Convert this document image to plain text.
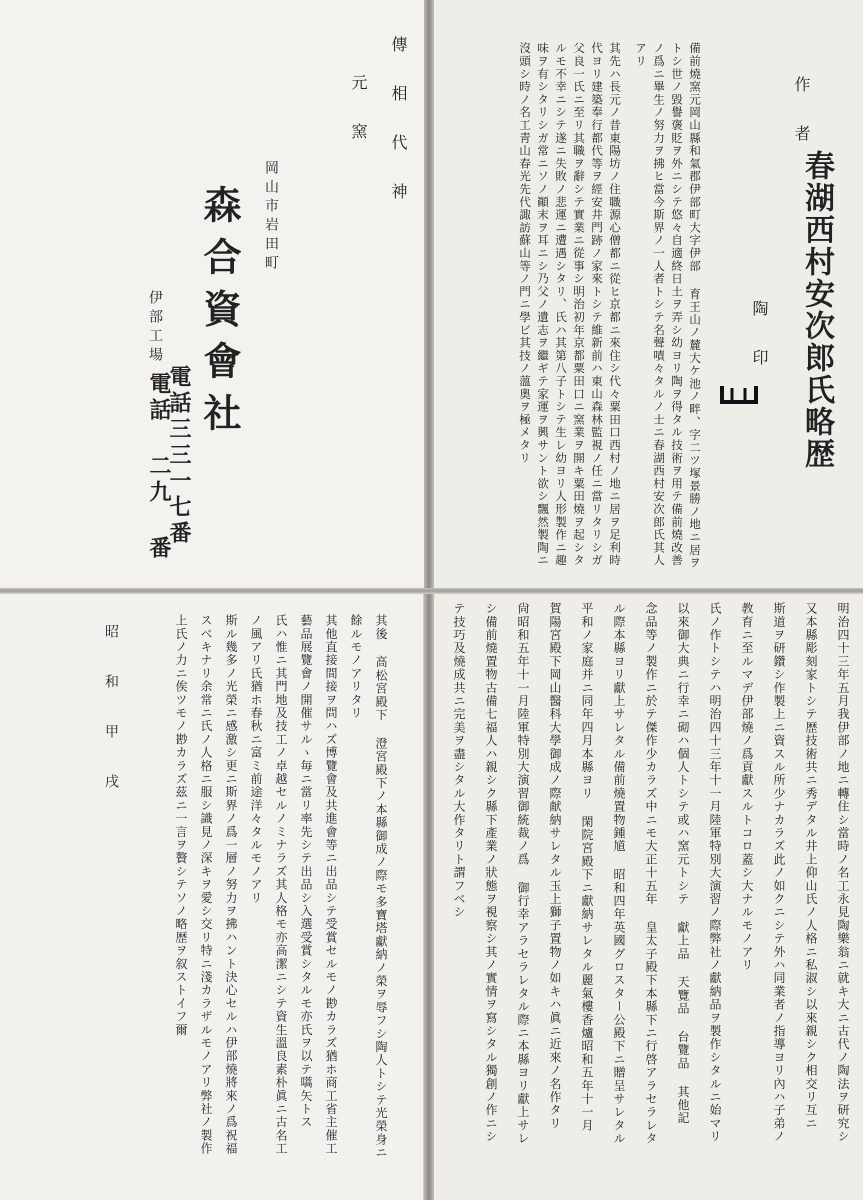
傳 相 代 神
元 窯
岡山市岩田町
森合資會社
電話三三一七番
伊部工場
電話 二九 番
作 者
春湖西村安次郎氏略歴
陶 印
備前燒窯元岡山縣和氣郡伊部町大字伊部 育王山ノ麓大ケ池ノ畔、字二ツ塚景勝ノ地ニ居ヲ
トシ世ノ毀譽褒貶ヲ外ニシテ悠々自適終日土ヲ弄シ幼ヨリ陶ヲ得タル技術ヲ用テ備前燒改善
ノ爲ニ畢生ノ努力ヲ拂ヒ當今斯界ノ一人者トシテ名聲嘖々タルノ士ニ春湖西村安次郎氏其人
アリ
其先ハ長元ノ昔東陽坊ノ住職源心僧都ニ從ヒ京都ニ來住シ代々粟田口西村ノ地ニ居ヲ足利時
代ヨリ建築奉行都代等ヲ經安井門跡ノ家來トシテ維新前ハ東山森林監視ノ任ニ當リタリシガ
父良一氏ニ至リ其職ヲ辭シテ實業ニ從事シ明治初年京都粟田口ニ窯業ヲ開キ粟田燒ヲ起シタ
ルモ不幸ニシテ遂ニ失敗ノ悲運ニ遭遇シタリ、氏ハ其第八子トシテ生レ幼ヨリ人形製作ニ趣
味ヲ有シタリシガ常ニソノ顚末ヲ耳ニシ乃父ノ遺志ヲ繼ギテ家運ヲ興サント欲シ飄然製陶ニ
沒頭シ時ノ名工靑山春光先代諏訪蘇山等ノ門ニ學ビ其技ノ薀奧ヲ極メタリ
昭 和 甲 戌	其後 高松宮殿下 澄宮殿下ノ本縣御成ノ際モ多寶塔獻納ノ榮ヲ辱フシ陶人トシテ光榮身ニ
餘ルモノアリタリ
其他直接間接ヲ問ハズ博覽會及共進會等ニ出品シテ受賞セルモノ尠カラズ猶ホ商工省主催工
藝品展覽會ノ開催サルヽ毎ニ當リ率先シテ出品シ入選受賞シタルモ亦氏ヲ以テ嚆矢トス
氏ハ惟ニ其門地及技工ノ卓越セルノミナラズ其人格モ亦高潔ニシテ資生溫良素朴眞ニ古名工
ノ風アリ氏猶ホ春秋ニ富ミ前途洋々タルモノアリ
斯ル幾多ノ光榮ニ感激シ更ニ斯界ノ爲一層ノ努力ヲ拂ハント決心セルハ伊部燒將來ノ爲祝福
スベキナリ余常ニ氏ノ人格ニ服シ識見ノ深キヲ愛シ交リ特ニ淺カラザルモノアリ弊社ノ製作
上氏ノ力ニ俟ツモノ尠カラズ茲ニ一言ヲ贅シテソノ略歴ヲ叙ストイフ爾	明治四十三年五月我伊部ノ地ニ轉住シ當時ノ名工永見陶樂翁ニ就キ大ニ古代ノ陶法ヲ研究シ
又本縣彫刻家トシテ歴技術共ニ秀デタル井上仰山氏ノ人格ニ私淑シ以來親シク相交リ互ニ
斯道ヲ研鑽シ作製上ニ資スル所少ナカラズ此ノ如クニシテ外ハ同業者ノ指導ヨリ內ハ子弟ノ
教育ニ至ルマデ伊部燒ノ爲貢獻スルトコロ蓋シ大ナルモノアリ
氏ノ作トシテハ明治四十三年十一月陸軍特別大演習ノ際弊社ノ獻納品ヲ製作シタルニ始マリ
以來御大典ニ行幸ニ砌ハ個人トシテ或ハ窯元トシテ 獻上品 天覽品 台覽品 其他記
念品等ノ製作ニ於テ傑作少カラズ中ニモ大正十五年 皇太子殿下本縣下ニ行啓アラセラレタ
ル際本縣ヨリ獻上サレタル備前燒置物鍾馗 昭和四年英國グロスター公殿下ニ贈呈サレタル
平和ノ家庭并ニ同年四月本縣ヨリ 閑院宮殿下ニ獻納サレタル麗氣樓香爐昭和五年十一月
賀陽宮殿下岡山醫科大學御成ノ際献納サレタル玉上獅子置物ノ如キハ眞ニ近來ノ名作タリ
尙昭和五年十一月陸軍特別大演習御統裁ノ爲 御行幸アラセラレタル際ニ本縣ヨリ獻上サレ
シ備前燒置物古備七福人ハ親シク縣下產業ノ狀態ヲ視察シ其ノ實情ヲ寫シタル獨創ノ作ニシ
テ技巧及燒成共ニ完美ヲ盡シタル大作タリト謂フベシ
